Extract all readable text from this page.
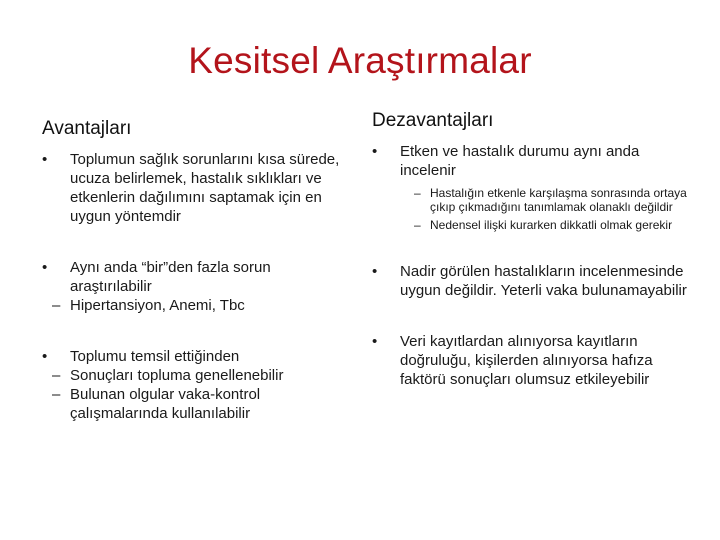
Kesitsel Araştırmalar
Avantajları
• Toplumun sağlık sorunlarını kısa sürede, ucuza belirlemek, hastalık sıklıkları ve etkenlerin dağılımını saptamak için en uygun yöntemdir
• Aynı anda “bir”den fazla sorun araştırılabilir
– Hipertansiyon, Anemi, Tbc
• Toplumu temsil ettiğinden
– Sonuçları topluma genellenebilir
– Bulunan olgular vaka-kontrol çalışmalarında kullanılabilir
Dezavantajları
• Etken ve hastalık durumu aynı anda incelenir
– Hastalığın etkenle karşılaşma sonrasında ortaya çıkıp çıkmadığını tanımlamak olanaklı değildir
– Nedensel ilişki kurarken dikkatli olmak gerekir
• Nadir görülen hastalıkların incelenmesinde uygun değildir. Yeterli vaka bulunamayabilir
• Veri kayıtlardan alınıyorsa kayıtların doğruluğu, kişilerden alınıyorsa hafıza faktörü sonuçları olumsuz etkileyebilir
